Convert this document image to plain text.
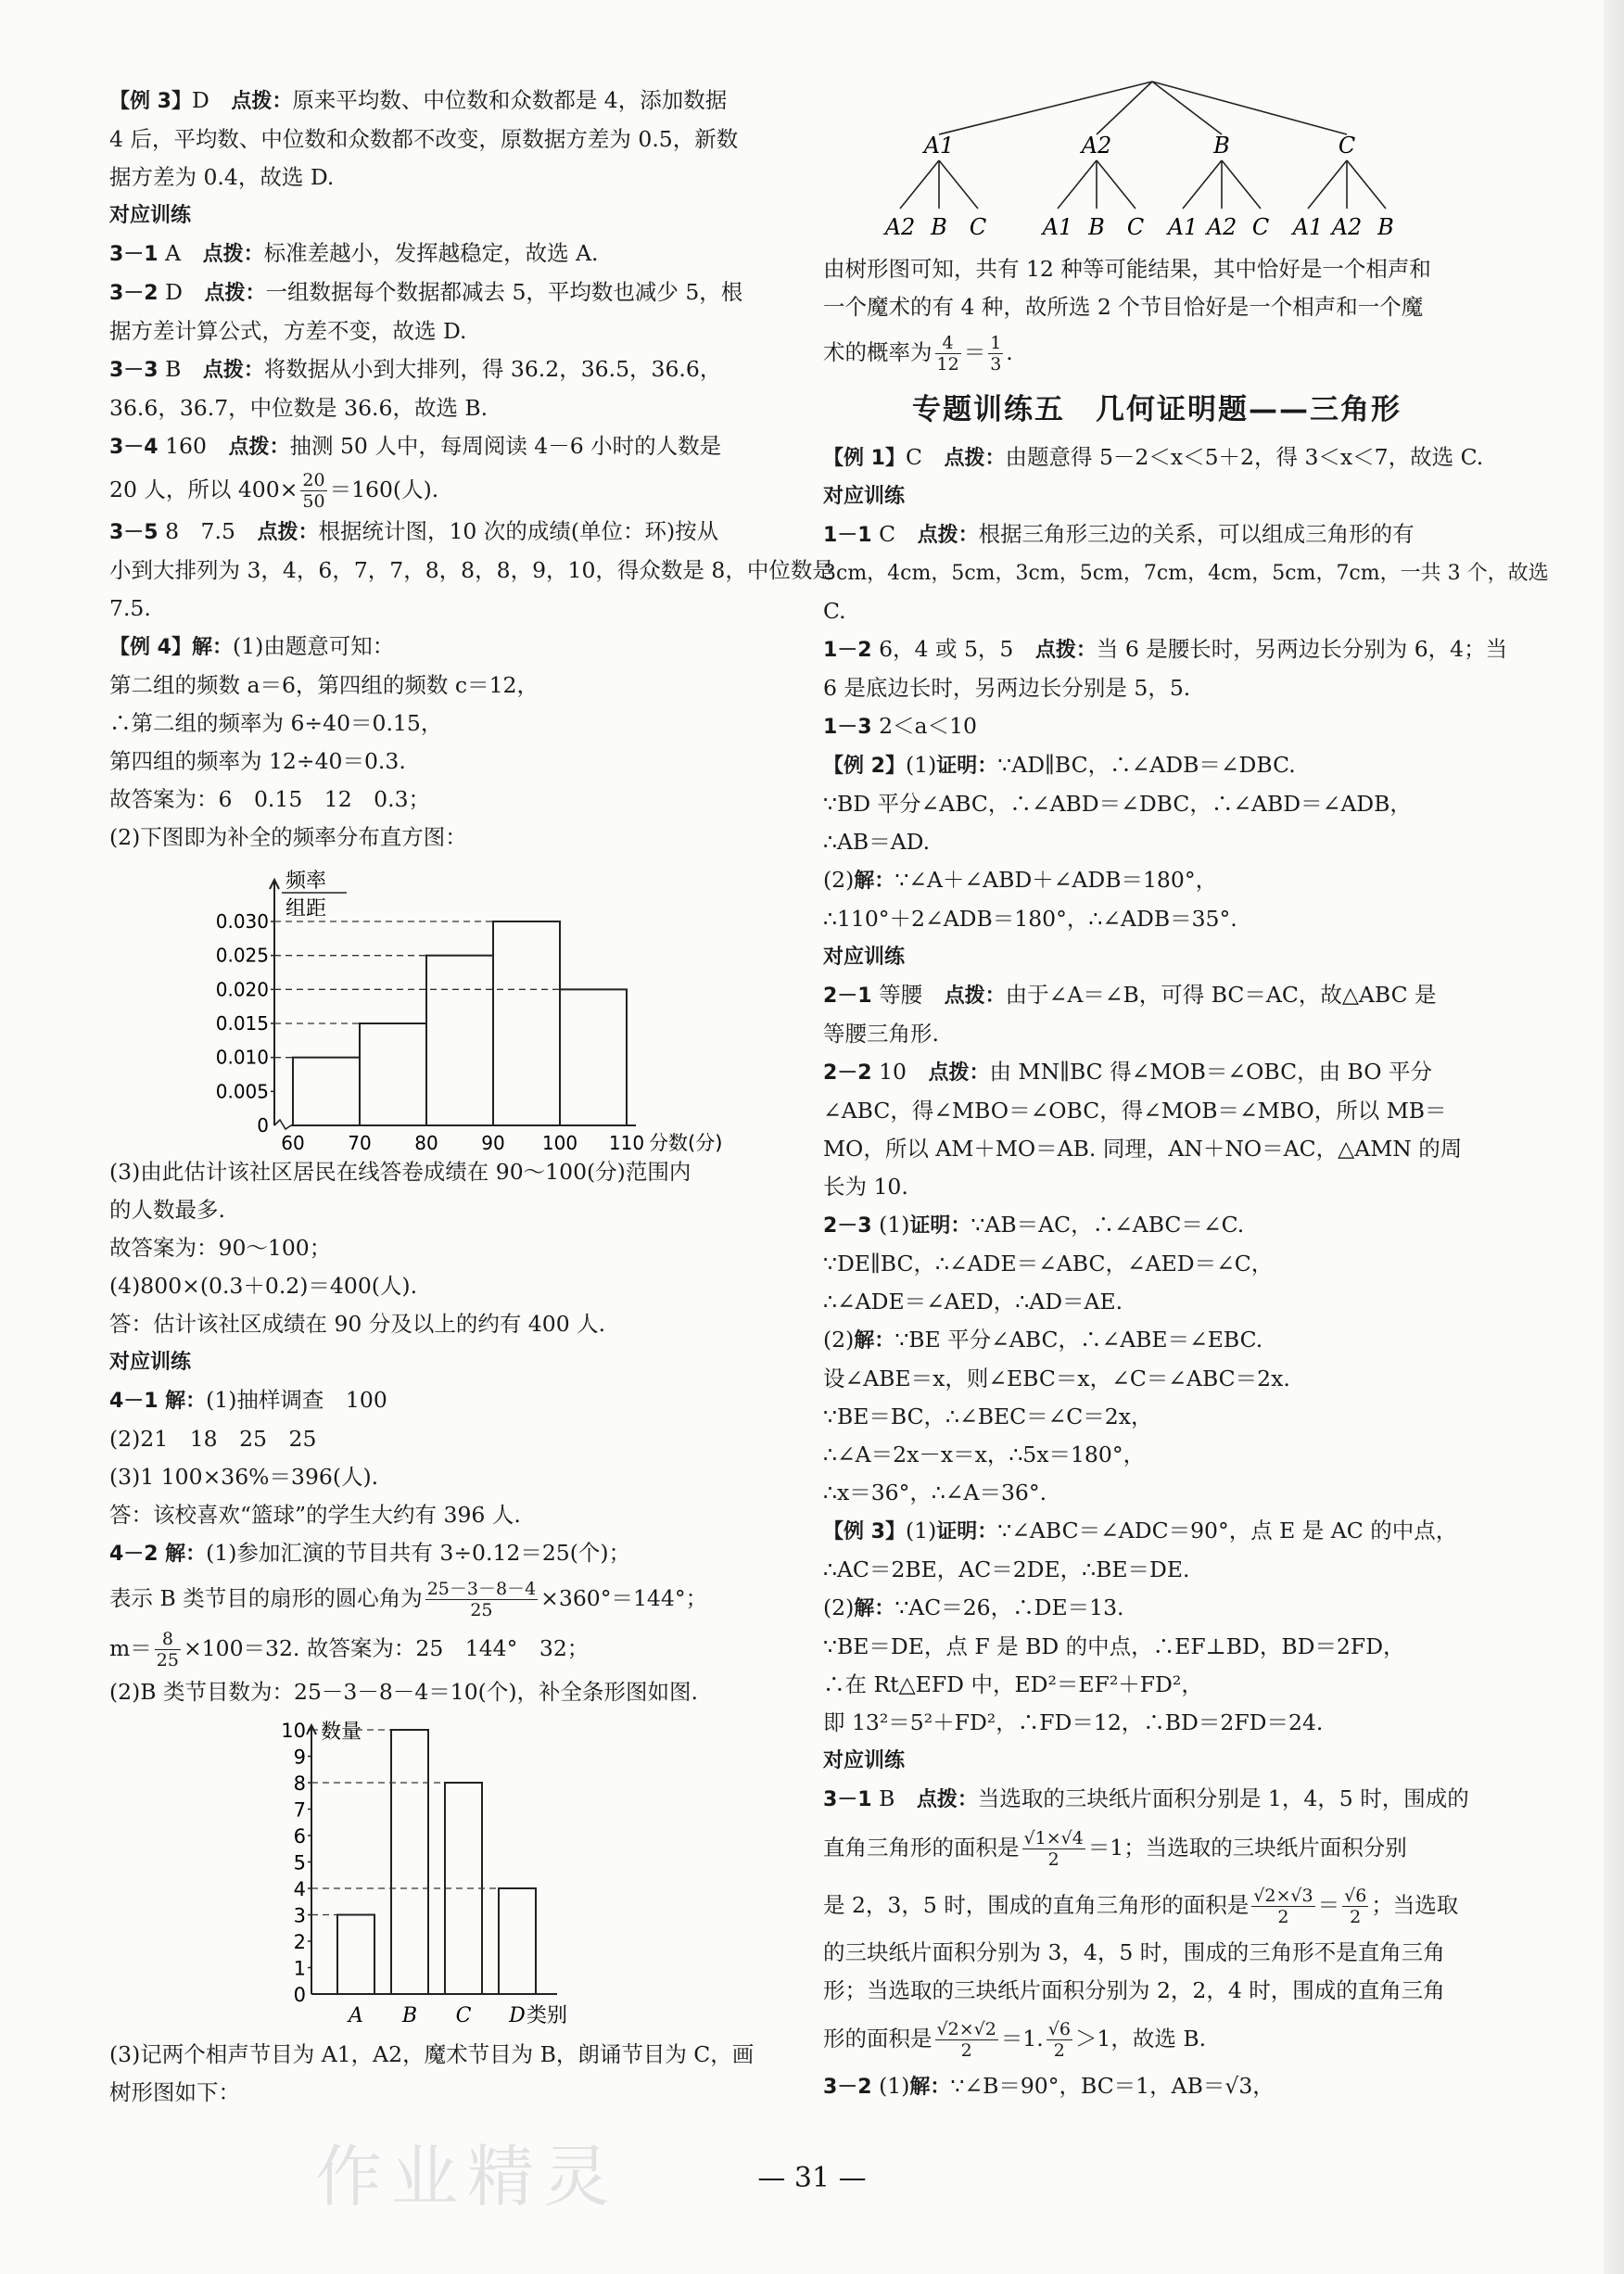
【例 3】D　 点拨：原来平均数、中位数和众数都是 4，添加数据
4 后，平均数、中位数和众数都不改变，原数据方差为 0.5，新数
据方差为 0.4，故选 D.
对应训练
3－1 A　 点拨：标准差越小，发挥越稳定，故选 A.
3－2 D　 点拨：一组数据每个数据都减去 5，平均数也减少 5，根
据方差计算公式，方差不变，故选 D.
3－3 B　 点拨：将数据从小到大排列，得 36.2，36.5，36.6，
36.6，36.7，中位数是 36.6，故选 B.
3－4 160　 点拨：抽测 50 人中，每周阅读 4－6 小时的人数是
20 人，所以 $400\times \frac{20}{50} =160$(人).
3－5 8　7.5　 点拨：根据统计图，10 次的成绩(单位：环)按从
小到大排列为 3，4，6，7，7，8，8，8，9，10，得众数是 8，中位数是
7.5.
【例 4】解：(1)由题意可知：
第二组的频数 a＝6，第四组的频数 c＝12，
∴第二组的频率为 6÷40＝0.15，
第四组的频率为 12÷40＝0.3.
故答案为：6　0.15　12　0.3；
(2)下图即为补全的频率分布直方图：
频率
组距
0
0.005
0.010
0.015
0.020
0.025
0.030
60 70 80 90 100 110 分数(分)
(3)由此估计该社区居民在线答卷成绩在 90～100(分)范围内
的人数最多.
故答案为：90～100；
(4)800×(0.3＋0.2)＝400(人).
答：估计该社区成绩在 90 分及以上的约有 400 人.
对应训练
4－1 解：(1)抽样调查　100
(2)21　18　25　25
(3)1 100×36%＝396(人).
答：该校喜欢“篮球”的学生大约有 396 人.
4－2 解：(1)参加汇演的节目共有 3÷0.12＝25(个)；
表示 B 类节目的扇形的圆心角为 $\frac{25-3-8-4}{25} \times 360^\circ=144^\circ$；
$m= \frac{8}{25} \times 100=32$. 故答案为：25　144°　32；
(2)B 类节目数为：25－3－8－4＝10(个)，补全条形图如图.
数量
0
1
2
3
4
5
6
7
8
9
10
A B C D 类别
(3)记两个相声节目为 A1，A2，魔术节目为 B，朗诵节目为 C，画
树形图如下：
A1
A2 B C
A2
A1 B C
B
A1 A2 C
C
A1 A2 B
由树形图可知，共有 12 种等可能结果，其中恰好是一个相声和
一个魔术的有 4 种，故所选 2 个节目恰好是一个相声和一个魔
术的概率为 $\frac{4}{12} = \frac{1}{3}$ .
专题训练五　几何证明题——三角形
【例 1】C　 点拨：由题意得 5－2＜x＜5＋2，得 3＜x＜7，故选 C.
对应训练
1－1 C　 点拨：根据三角形三边的关系，可以组成三角形的有
3cm，4cm，5cm，3cm，5cm，7cm，4cm，5cm，7cm，一共 3 个，故选
C.
1－2 6，4 或 5，5　 点拨：当 6 是腰长时，另两边长分别为 6，4；当
6 是底边长时，另两边长分别是 5，5.
1－3 2＜a＜10
【例 2】(1)证明：∵AD∥BC，∴∠ADB＝∠DBC.
∵BD 平分∠ABC，∴∠ABD＝∠DBC，∴∠ABD＝∠ADB，
∴AB＝AD.
(2)解：∵∠A＋∠ABD＋∠ADB＝180°，
∴110°＋2∠ADB＝180°，∴∠ADB＝35°.
对应训练
2－1 等腰　 点拨：由于∠A＝∠B，可得 BC＝AC，故△ABC 是
等腰三角形.
2－2 10　 点拨：由 MN∥BC 得∠MOB＝∠OBC，由 BO 平分
∠ABC，得∠MBO＝∠OBC，得∠MOB＝∠MBO，所以 MB＝
MO，所以 AM＋MO＝AB. 同理，AN＋NO＝AC，△AMN 的周
长为 10.
2－3 (1)证明：∵AB＝AC，∴∠ABC＝∠C.
∵DE∥BC，∴∠ADE＝∠ABC，∠AED＝∠C，
∴∠ADE＝∠AED，∴AD＝AE.
(2)解：∵BE 平分∠ABC，∴∠ABE＝∠EBC.
设∠ABE＝x，则∠EBC＝x，∠C＝∠ABC＝2x.
∵BE＝BC，∴∠BEC＝∠C＝2x，
∴∠A＝2x－x＝x，∴5x＝180°，
∴x＝36°，∴∠A＝36°.
【例 3】(1)证明：∵∠ABC＝∠ADC＝90°，点 E 是 AC 的中点，
∴AC＝2BE，AC＝2DE，∴BE＝DE.
(2)解：∵AC＝26，∴DE＝13.
∵BE＝DE，点 F 是 BD 的中点，∴EF⊥BD，BD＝2FD，
∴在 Rt△EFD 中，ED²＝EF²＋FD²，
即 13²＝5²＋FD²，∴FD＝12，∴BD＝2FD＝24.
对应训练
3－1 B　 点拨：当选取的三块纸片面积分别是 1，4，5 时，围成的
直角三角形的面积是 $\frac{√1\times√4}{2} =1$；当选取的三块纸片面积分别
是 2，3，5 时，围成的直角三角形的面积是 $\frac{√2\times√3}{2} = \frac{√6}{2}$ ；当选取
的三块纸片面积分别为 3，4，5 时，围成的三角形不是直角三角
形；当选取的三块纸片面积分别为 2，2，4 时，围成的直角三角
形的面积是 $\frac{√2\times√2}{2} =1$. $\frac{√6}{2} >1$，故选 B.
3－2 (1)解：∵∠B＝90°，BC＝1，AB＝√3，
作业精灵	— 31 —
